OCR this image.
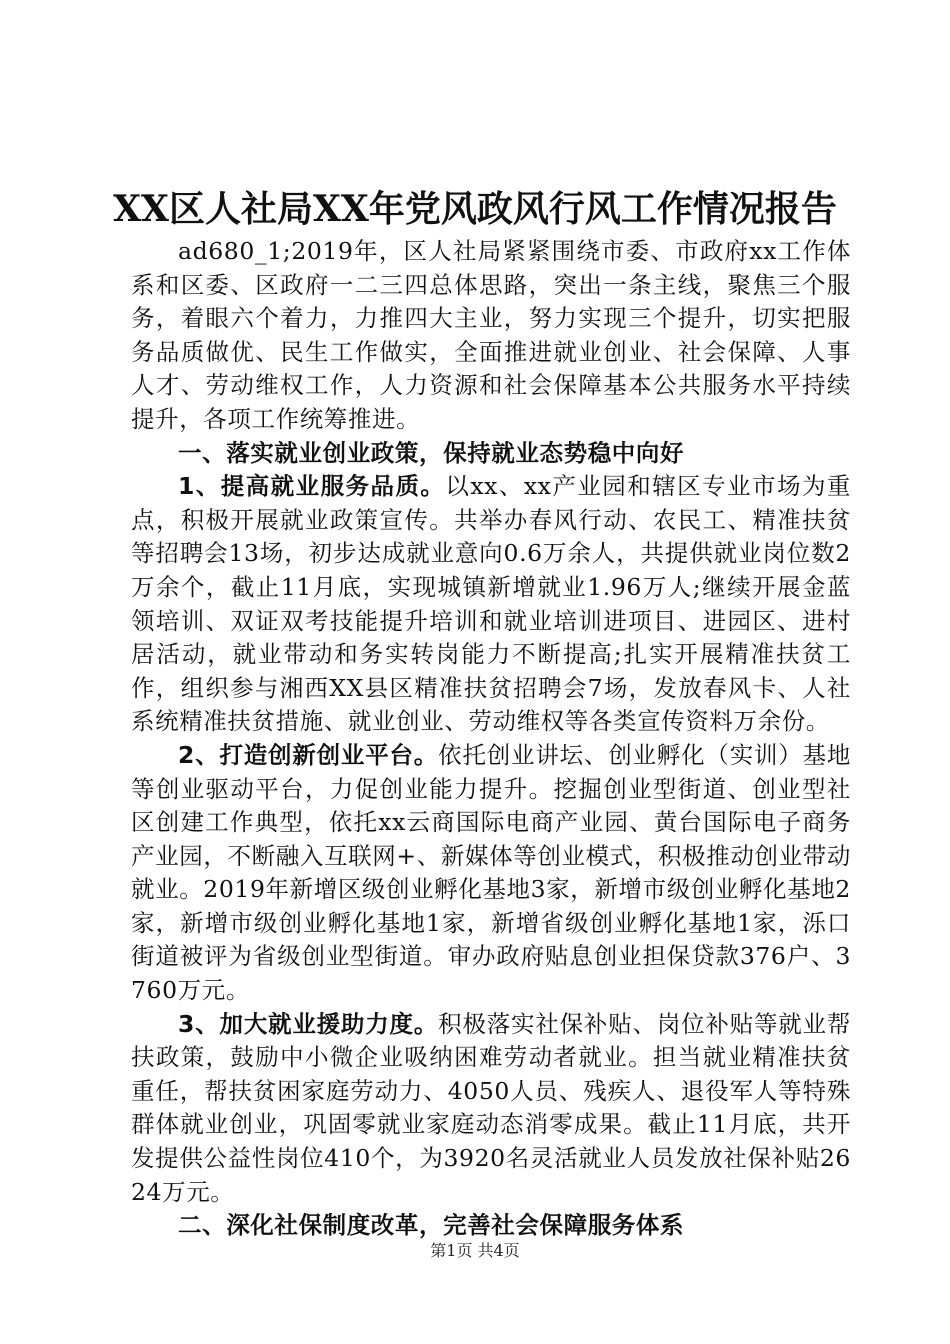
XX区人社局XX年党风政风行风工作情况报告

ad680_1;2019年，区人社局紧紧围绕市委、市政府xx工作体系和区委、区政府一二三四总体思路，突出一条主线，聚焦三个服务，着眼六个着力，力推四大主业，努力实现三个提升，切实把服务品质做优、民生工作做实，全面推进就业创业、社会保障、人事人才、劳动维权工作，人力资源和社会保障基本公共服务水平持续提升，各项工作统筹推进。

一、落实就业创业政策，保持就业态势稳中向好

1、提高就业服务品质。以xx、xx产业园和辖区专业市场为重点，积极开展就业政策宣传。共举办春风行动、农民工、精准扶贫等招聘会13场，初步达成就业意向0.6万余人，共提供就业岗位数2万余个，截止11月底，实现城镇新增就业1.96万人;继续开展金蓝领培训、双证双考技能提升培训和就业培训进项目、进园区、进村居活动，就业带动和务实转岗能力不断提高;扎实开展精准扶贫工作，组织参与湘西XX县区精准扶贫招聘会7场，发放春风卡、人社系统精准扶贫措施、就业创业、劳动维权等各类宣传资料万余份。

2、打造创新创业平台。依托创业讲坛、创业孵化（实训）基地等创业驱动平台，力促创业能力提升。挖掘创业型街道、创业型社区创建工作典型，依托xx云商国际电商产业园、黄台国际电子商务产业园，不断融入互联网+、新媒体等创业模式，积极推动创业带动就业。2019年新增区级创业孵化基地3家，新增市级创业孵化基地2家，新增市级创业孵化基地1家，新增省级创业孵化基地1家，泺口街道被评为省级创业型街道。审办政府贴息创业担保贷款376户、3760万元。

3、加大就业援助力度。积极落实社保补贴、岗位补贴等就业帮扶政策，鼓励中小微企业吸纳困难劳动者就业。担当就业精准扶贫重任，帮扶贫困家庭劳动力、4050人员、残疾人、退役军人等特殊群体就业创业，巩固零就业家庭动态消零成果。截止11月底，共开发提供公益性岗位410个，为3920名灵活就业人员发放社保补贴2624万元。

二、深化社保制度改革，完善社会保障服务体系

第1页 共4页
